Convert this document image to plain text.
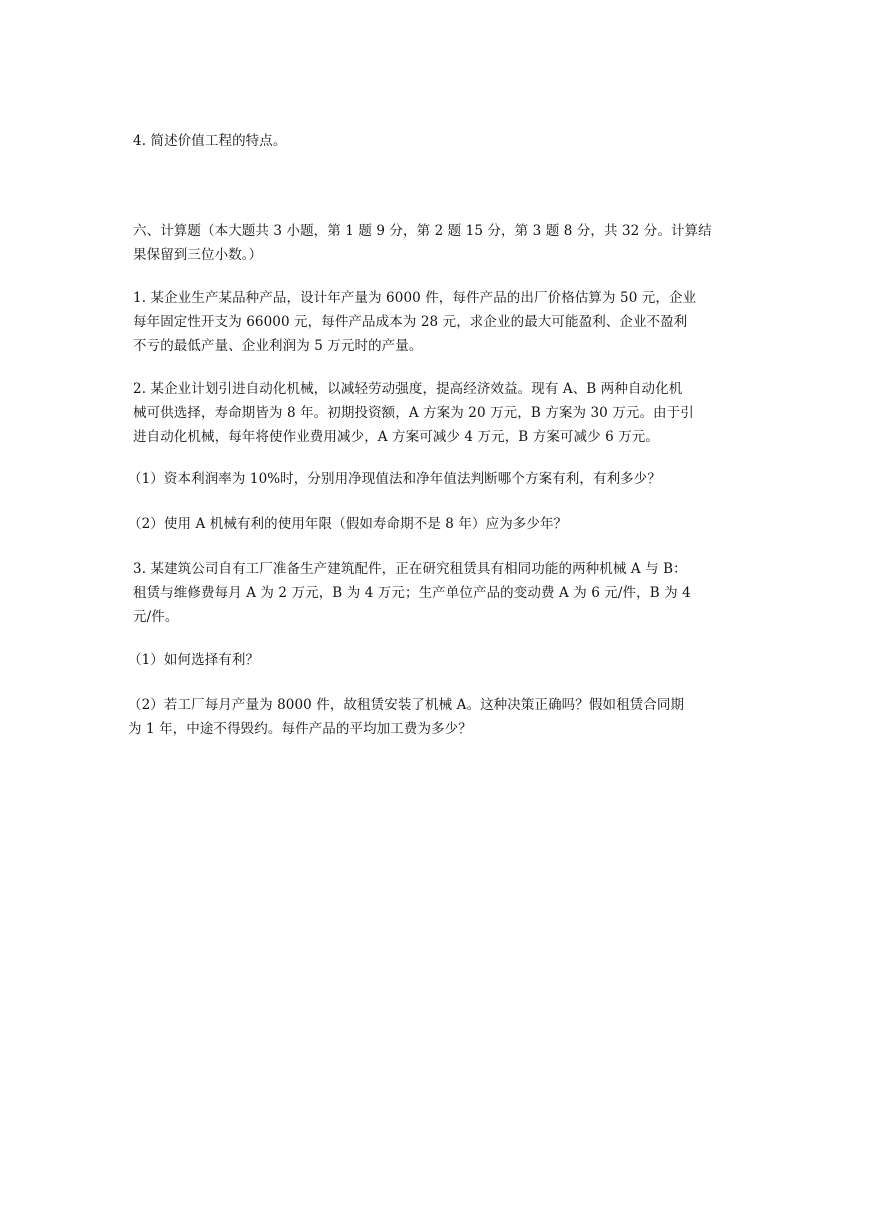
4. 简述价值工程的特点。

六、计算题（本大题共 3 小题，第 1 题 9 分，第 2 题 15 分，第 3 题 8 分，共 32 分。计算结
果保留到三位小数。）

1. 某企业生产某品种产品，设计年产量为 6000 件，每件产品的出厂价格估算为 50 元，企业
每年固定性开支为 66000 元，每件产品成本为 28 元，求企业的最大可能盈利、企业不盈利
不亏的最低产量、企业利润为 5 万元时的产量。

2. 某企业计划引进自动化机械，以减轻劳动强度，提高经济效益。现有 A、B 两种自动化机
械可供选择，寿命期皆为 8 年。初期投资额，A 方案为 20 万元，B 方案为 30 万元。由于引
进自动化机械，每年将使作业费用减少，A 方案可减少 4 万元，B 方案可减少 6 万元。

（1）资本利润率为 10%时，分别用净现值法和净年值法判断哪个方案有利，有利多少？

（2）使用 A 机械有利的使用年限（假如寿命期不是 8 年）应为多少年？

3. 某建筑公司自有工厂准备生产建筑配件，正在研究租赁具有相同功能的两种机械 A 与 B：
租赁与维修费每月 A 为 2 万元，B 为 4 万元；生产单位产品的变动费 A 为 6 元/件，B 为 4
元/件。

（1）如何选择有利？

（2）若工厂每月产量为 8000 件，故租赁安装了机械 A。这种决策正确吗？假如租赁合同期
为 1 年，中途不得毁约。每件产品的平均加工费为多少？
